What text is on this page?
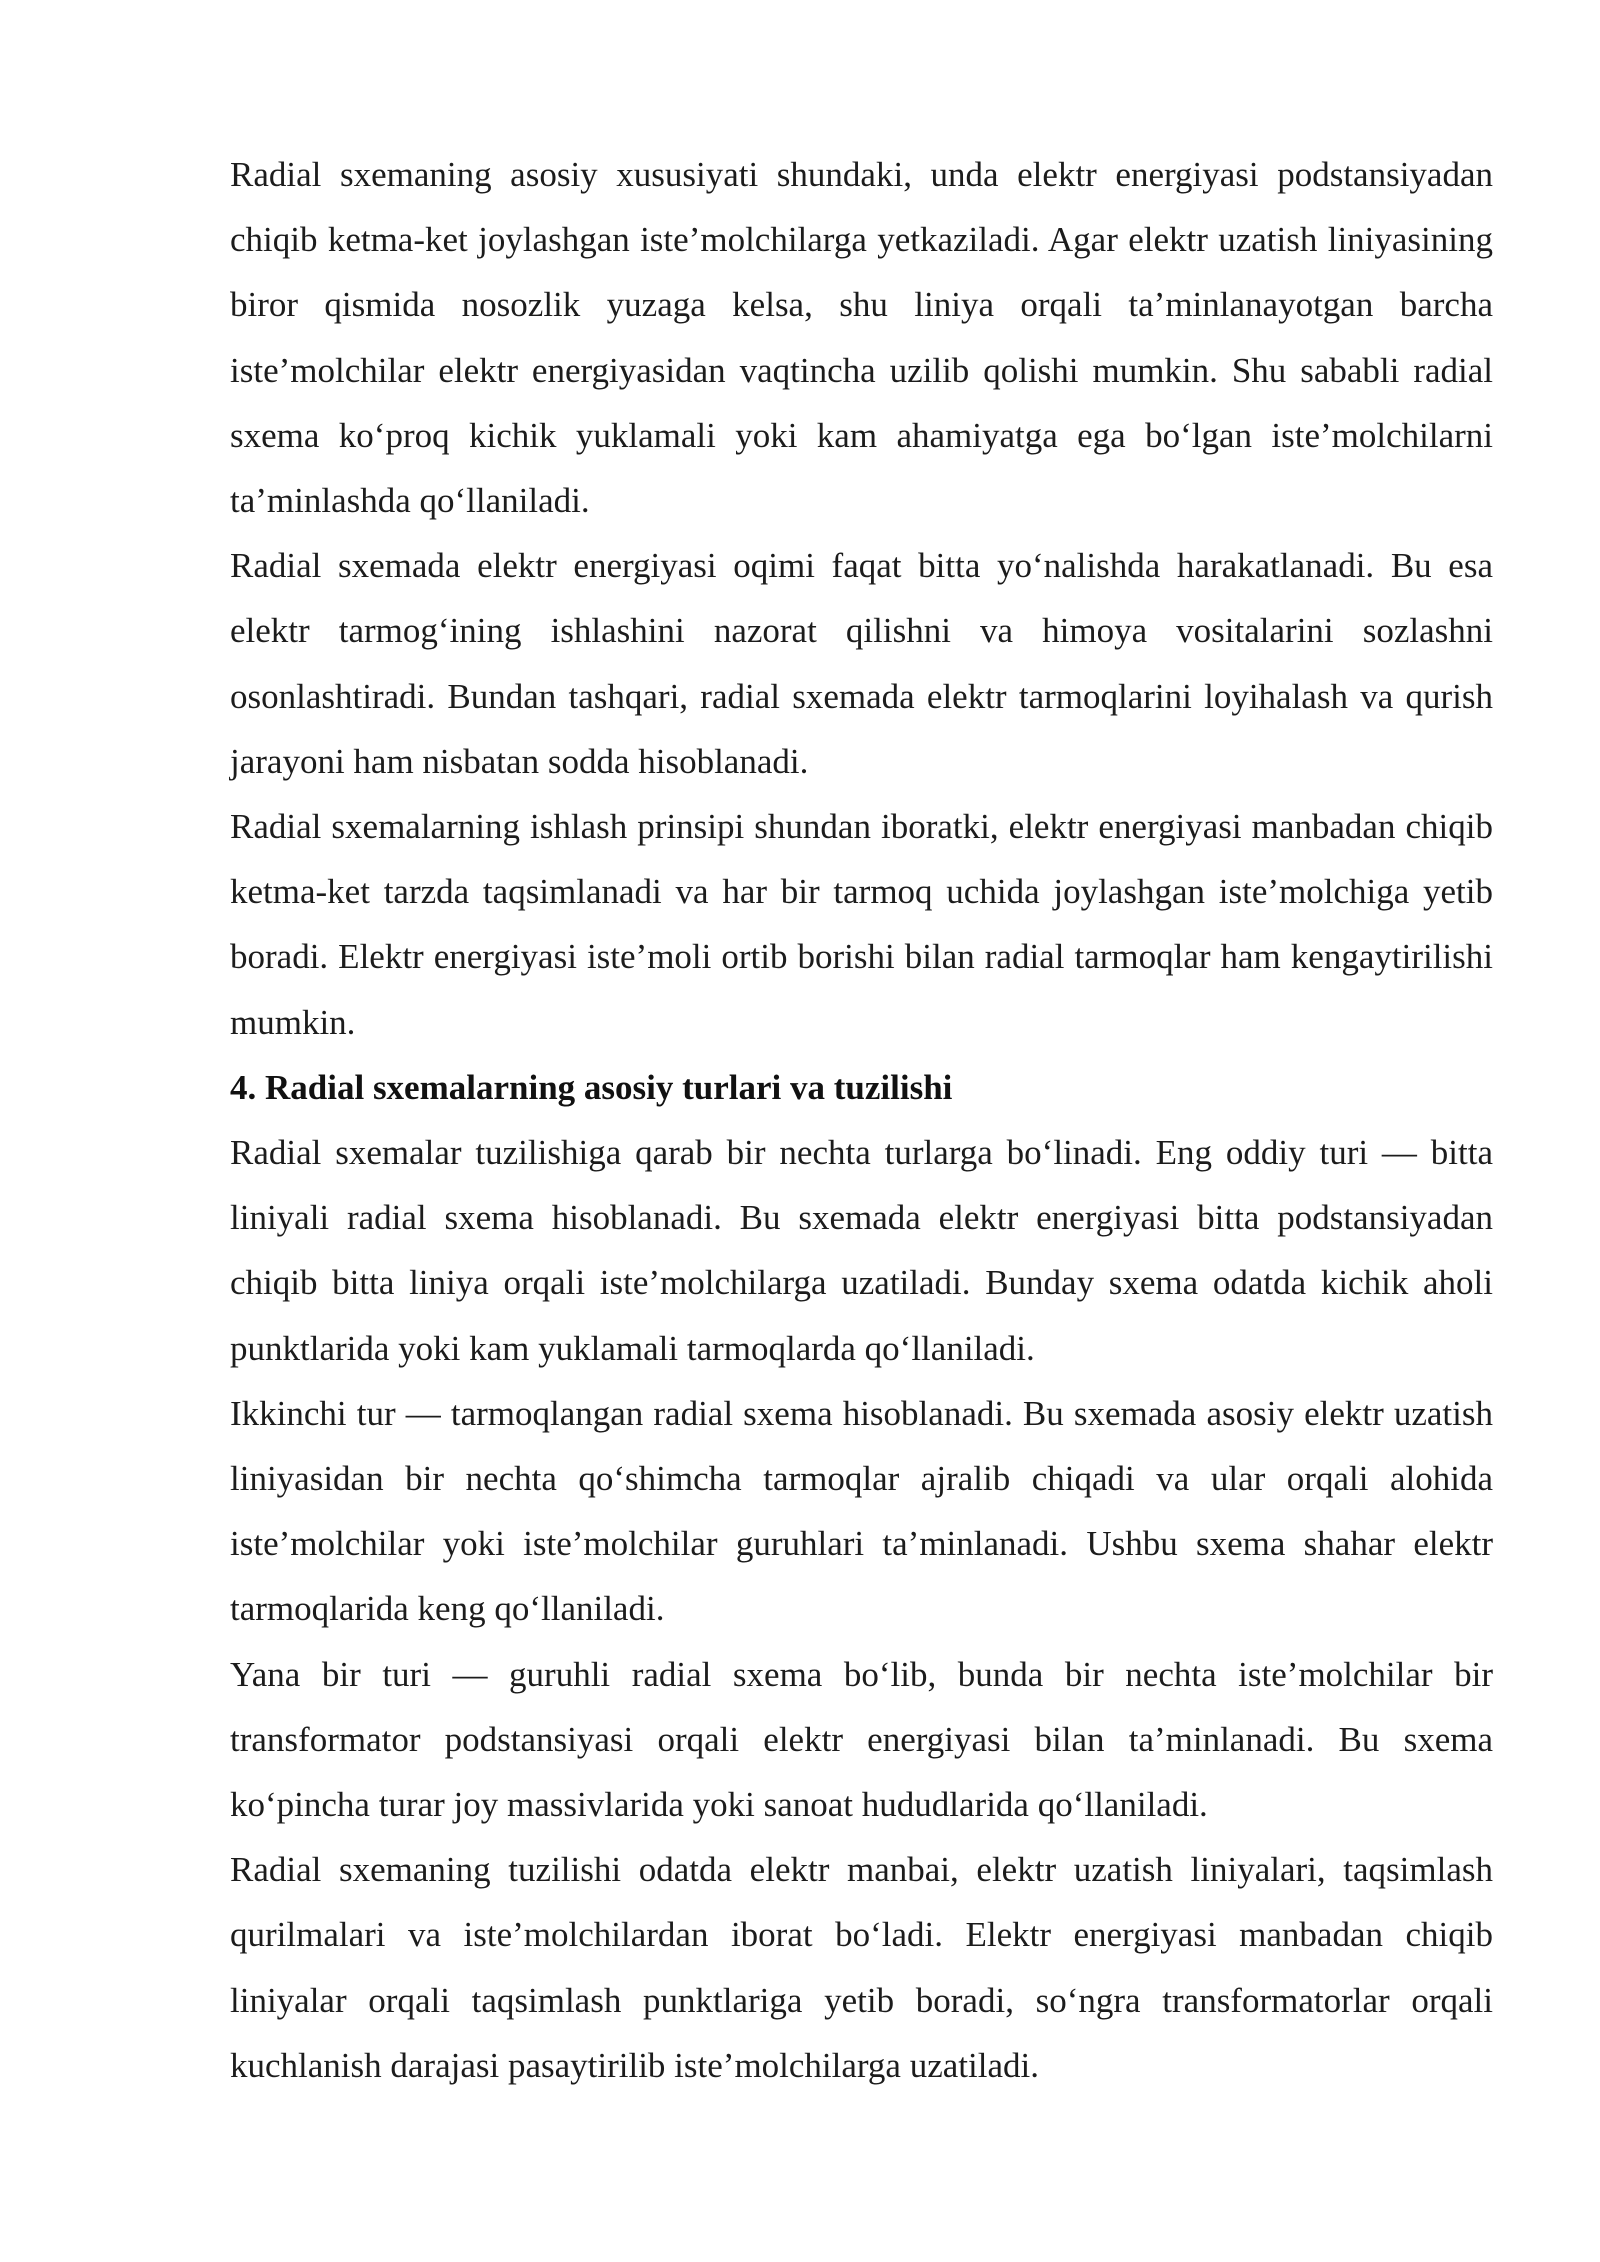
Radial sxemaning asosiy xususiyati shundaki, unda elektr energiyasi podstansiyadan chiqib ketma-ket joylashgan iste’molchilarga yetkaziladi. Agar elektr uzatish liniyasining biror qismida nosozlik yuzaga kelsa, shu liniya orqali ta’minlanayotgan barcha iste’molchilar elektr energiyasidan vaqtincha uzilib qolishi mumkin. Shu sababli radial sxema ko‘proq kichik yuklamali yoki kam ahamiyatga ega bo‘lgan iste’molchilarni ta’minlashda qo‘llaniladi.

Radial sxemada elektr energiyasi oqimi faqat bitta yo‘nalishda harakatlanadi. Bu esa elektr tarmog‘ining ishlashini nazorat qilishni va himoya vositalarini sozlashni osonlashtiradi. Bundan tashqari, radial sxemada elektr tarmoqlarini loyihalash va qurish jarayoni ham nisbatan sodda hisoblanadi.

Radial sxemalarning ishlash prinsipi shundan iboratki, elektr energiyasi manbadan chiqib ketma-ket tarzda taqsimlanadi va har bir tarmoq uchida joylashgan iste’molchiga yetib boradi. Elektr energiyasi iste’moli ortib borishi bilan radial tarmoqlar ham kengaytirilishi mumkin.

4. Radial sxemalarning asosiy turlari va tuzilishi

Radial sxemalar tuzilishiga qarab bir nechta turlarga bo‘linadi. Eng oddiy turi — bitta liniyali radial sxema hisoblanadi. Bu sxemada elektr energiyasi bitta podstansiyadan chiqib bitta liniya orqali iste’molchilarga uzatiladi. Bunday sxema odatda kichik aholi punktlarida yoki kam yuklamali tarmoqlarda qo‘llaniladi.

Ikkinchi tur — tarmoqlangan radial sxema hisoblanadi. Bu sxemada asosiy elektr uzatish liniyasidan bir nechta qo‘shimcha tarmoqlar ajralib chiqadi va ular orqali alohida iste’molchilar yoki iste’molchilar guruhlari ta’minlanadi. Ushbu sxema shahar elektr tarmoqlarida keng qo‘llaniladi.

Yana bir turi — guruhli radial sxema bo‘lib, bunda bir nechta iste’molchilar bir transformator podstansiyasi orqali elektr energiyasi bilan ta’minlanadi. Bu sxema ko‘pincha turar joy massivlarida yoki sanoat hududlarida qo‘llaniladi.

Radial sxemaning tuzilishi odatda elektr manbai, elektr uzatish liniyalari, taqsimlash qurilmalari va iste’molchilardan iborat bo‘ladi. Elektr energiyasi manbadan chiqib liniyalar orqali taqsimlash punktlariga yetib boradi, so‘ngra transformatorlar orqali kuchlanish darajasi pasaytirilib iste’molchilarga uzatiladi.
